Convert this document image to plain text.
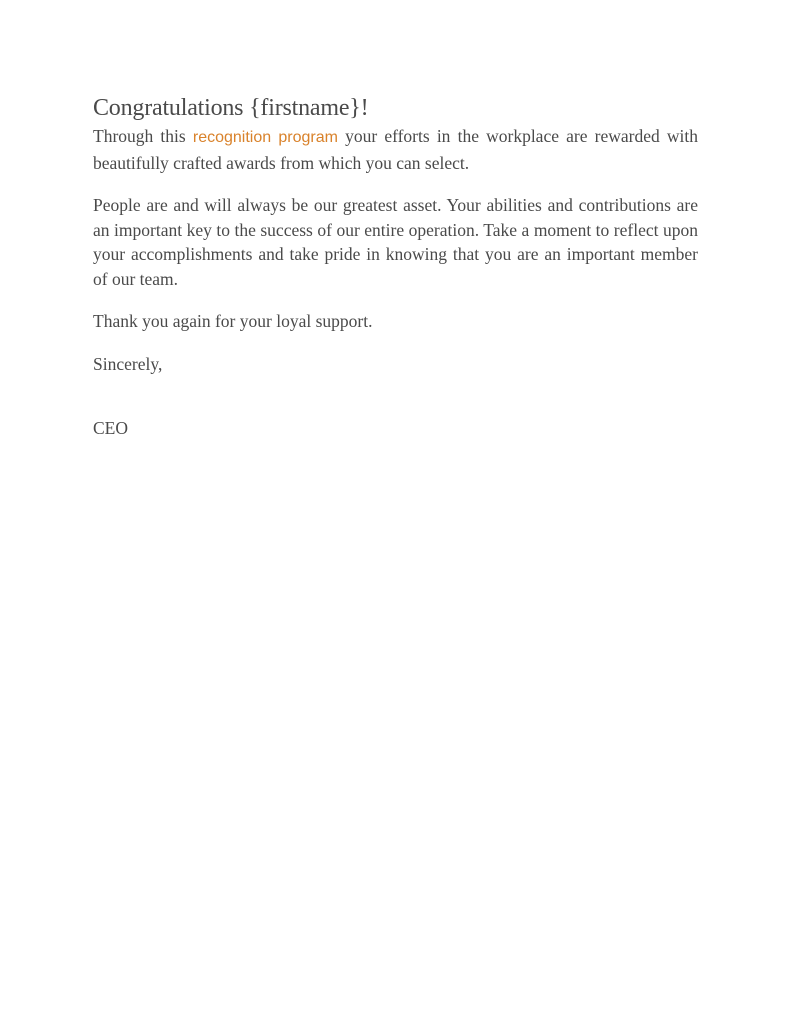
Congratulations {firstname}!

Through this recognition program your efforts in the workplace are rewarded with beautifully crafted awards from which you can select.

People are and will always be our greatest asset. Your abilities and contributions are an important key to the success of our entire operation. Take a moment to reflect upon your accomplishments and take pride in knowing that you are an important member of our team.

Thank you again for your loyal support.

Sincerely,

CEO
